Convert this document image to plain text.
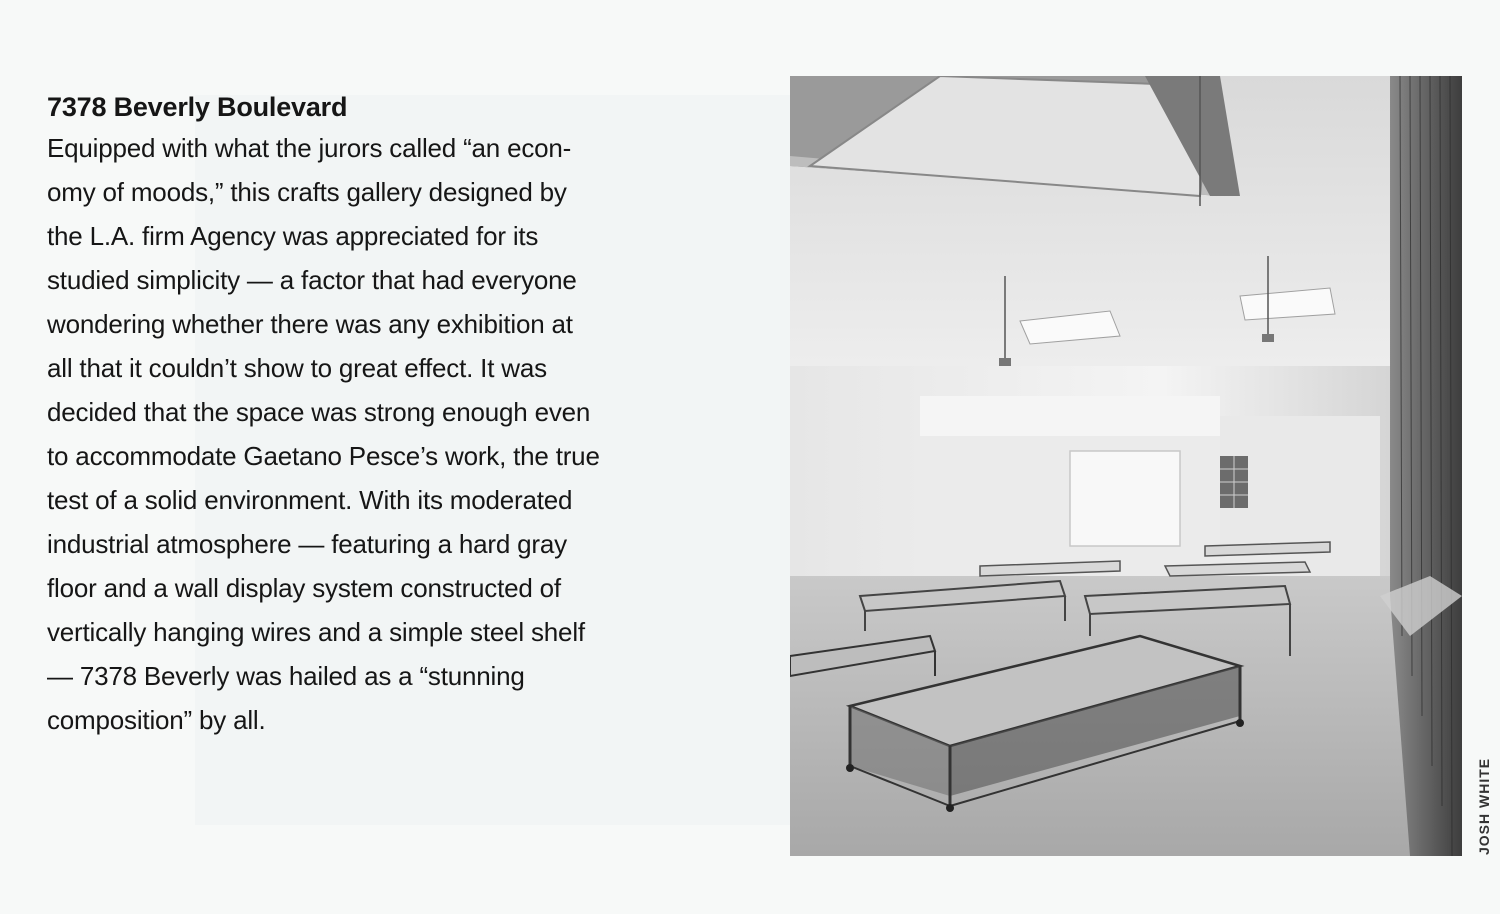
7378 Beverly Boulevard
Equipped with what the jurors called “an econ-
omy of moods,” this crafts gallery designed by
the L.A. firm Agency was appreciated for its
studied simplicity — a factor that had everyone
wondering whether there was any exhibition at
all that it couldn’t show to great effect. It was
decided that the space was strong enough even
to accommodate Gaetano Pesce’s work, the true
test of a solid environment. With its moderated
industrial atmosphere — featuring a hard gray
floor and a wall display system constructed of
vertically hanging wires and a simple steel shelf
— 7378 Beverly was hailed as a “stunning
composition” by all.
JOSH WHITE
